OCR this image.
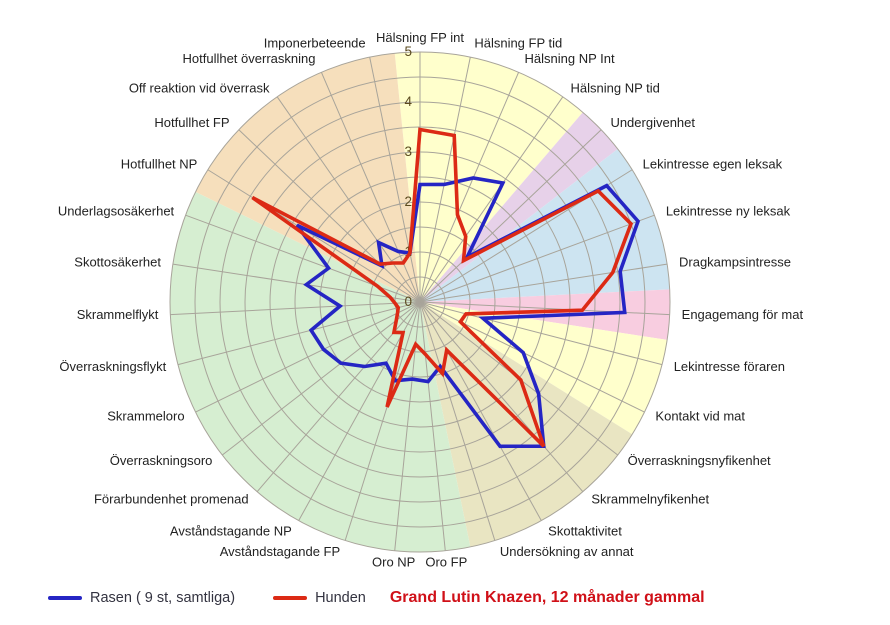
0
1
2
3
4
5
Hälsning FP int Hälsning FP tid
Hälsning NP Int
Hälsning NP tid
Undergivenhet
Lekintresse egen leksak
Lekintresse ny leksak
Dragkampsintresse
Engagemang för mat
Lekintresse föraren
Kontakt vid mat
Överraskningsnyfikenhet
Skrammelnyfikenhet
Skottaktivitet
Undersökning av annat
Oro FP
Oro NP
Avståndstagande FP
Avståndstagande NP
Förarbundenhet promenad
Överraskningsoro
Skrammeloro
Överraskningsflykt
Skrammelflykt
Skottosäkerhet
Underlagsosäkerhet
Hotfullhet NP
Hotfullhet FP
Off reaktion vid överrask
Hotfullhet överraskning
Imponerbeteende
Rasen ( 9 st, samtliga)	Hunden Grand Lutin Knazen, 12 månader gammal
